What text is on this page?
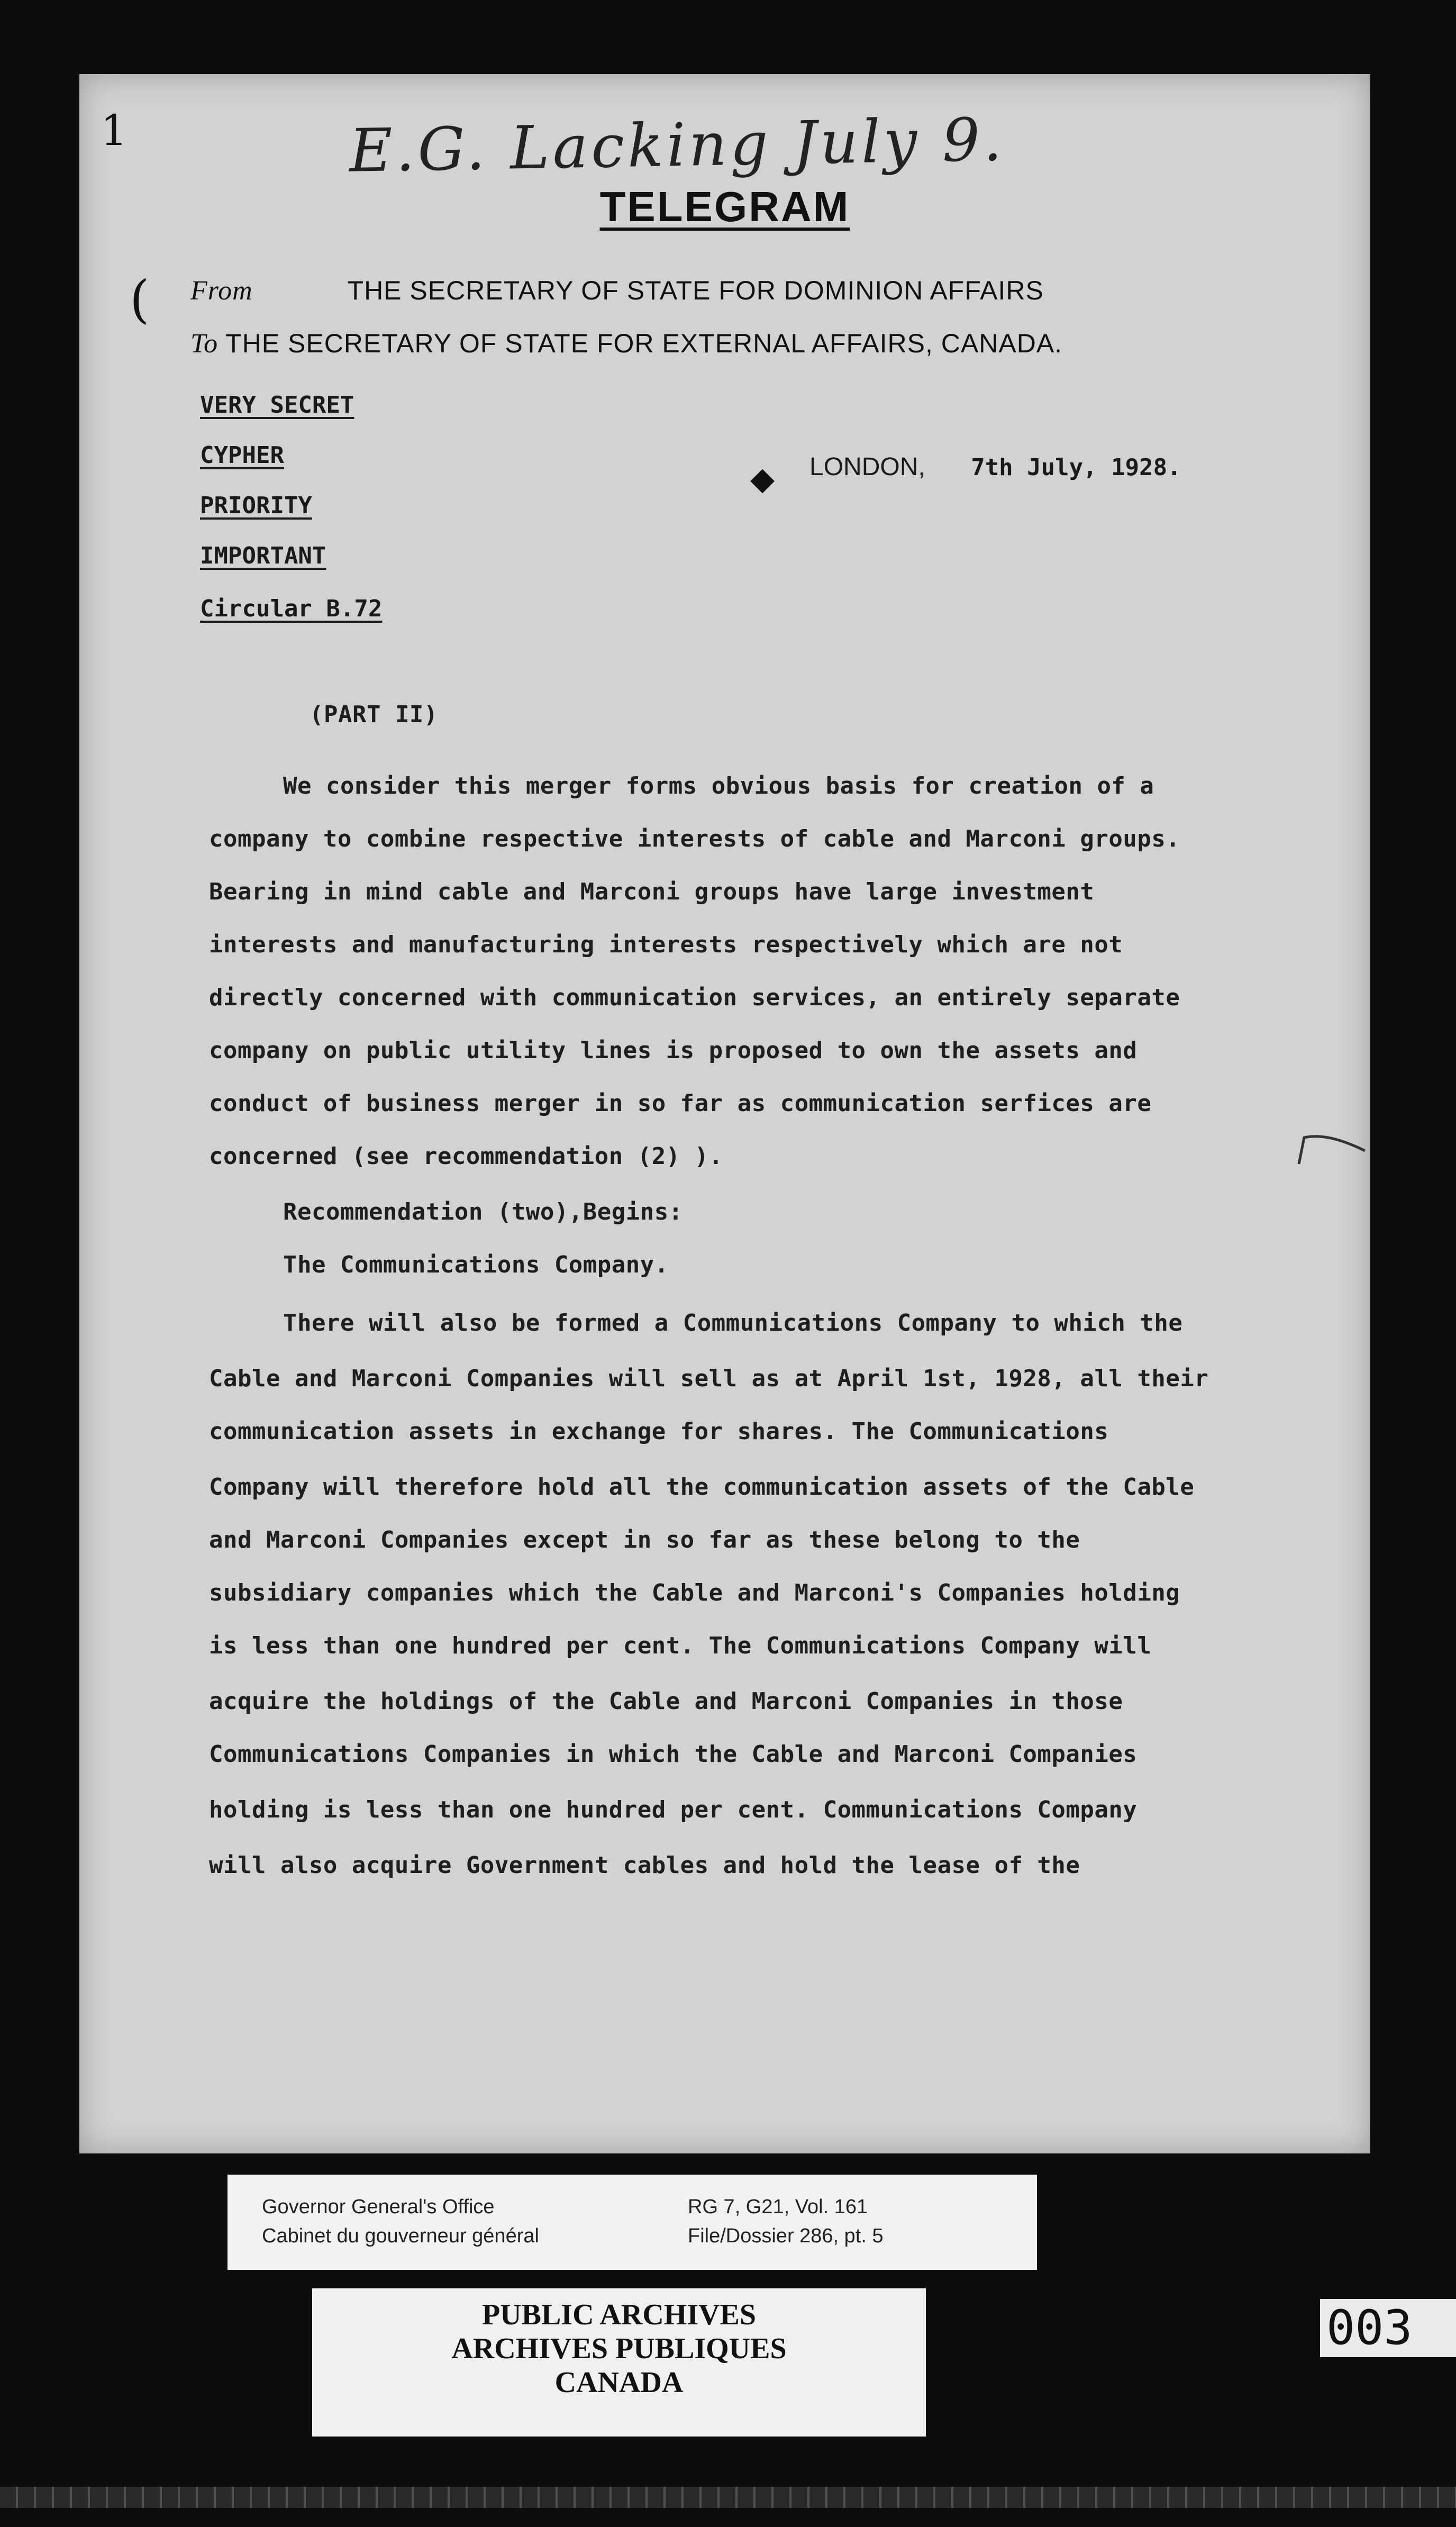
1
(
◆
E.G. Lacking July 9.
TELEGRAM
From	THE SECRETARY OF STATE FOR DOMINION AFFAIRS
To THE SECRETARY OF STATE FOR EXTERNAL AFFAIRS, CANADA.
VERY SECRET
CYPHER
PRIORITY
IMPORTANT
Circular B.72
LONDON, 7th July, 1928.
(PART II)
We consider this merger forms obvious basis for creation of a
company to combine respective interests of cable and Marconi groups.
Bearing in mind cable and Marconi groups have large investment
interests and manufacturing interests respectively which are not
directly concerned with communication services, an entirely separate
company on public utility lines is proposed to own the assets and
conduct of business merger in so far as communication serfices are
concerned (see recommendation (2) ).
Recommendation (two),Begins:
The Communications Company.
There will also be formed a Communications Company to which the
Cable and Marconi Companies will sell as at April 1st, 1928, all their
communication assets in exchange for shares. The Communications
Company will therefore hold all the communication assets of the Cable
and Marconi Companies except in so far as these belong to the
subsidiary companies which the Cable and Marconi's Companies holding
is less than one hundred per cent. The Communications Company will
acquire the holdings of the Cable and Marconi Companies in those
Communications Companies in which the Cable and Marconi Companies
holding is less than one hundred per cent. Communications Company
will also acquire Government cables and hold the lease of the
Governor General's Office
Cabinet du gouverneur général
RG 7, G21, Vol. 161
File/Dossier 286, pt. 5
PUBLIC ARCHIVES
ARCHIVES PUBLIQUES
CANADA
003
